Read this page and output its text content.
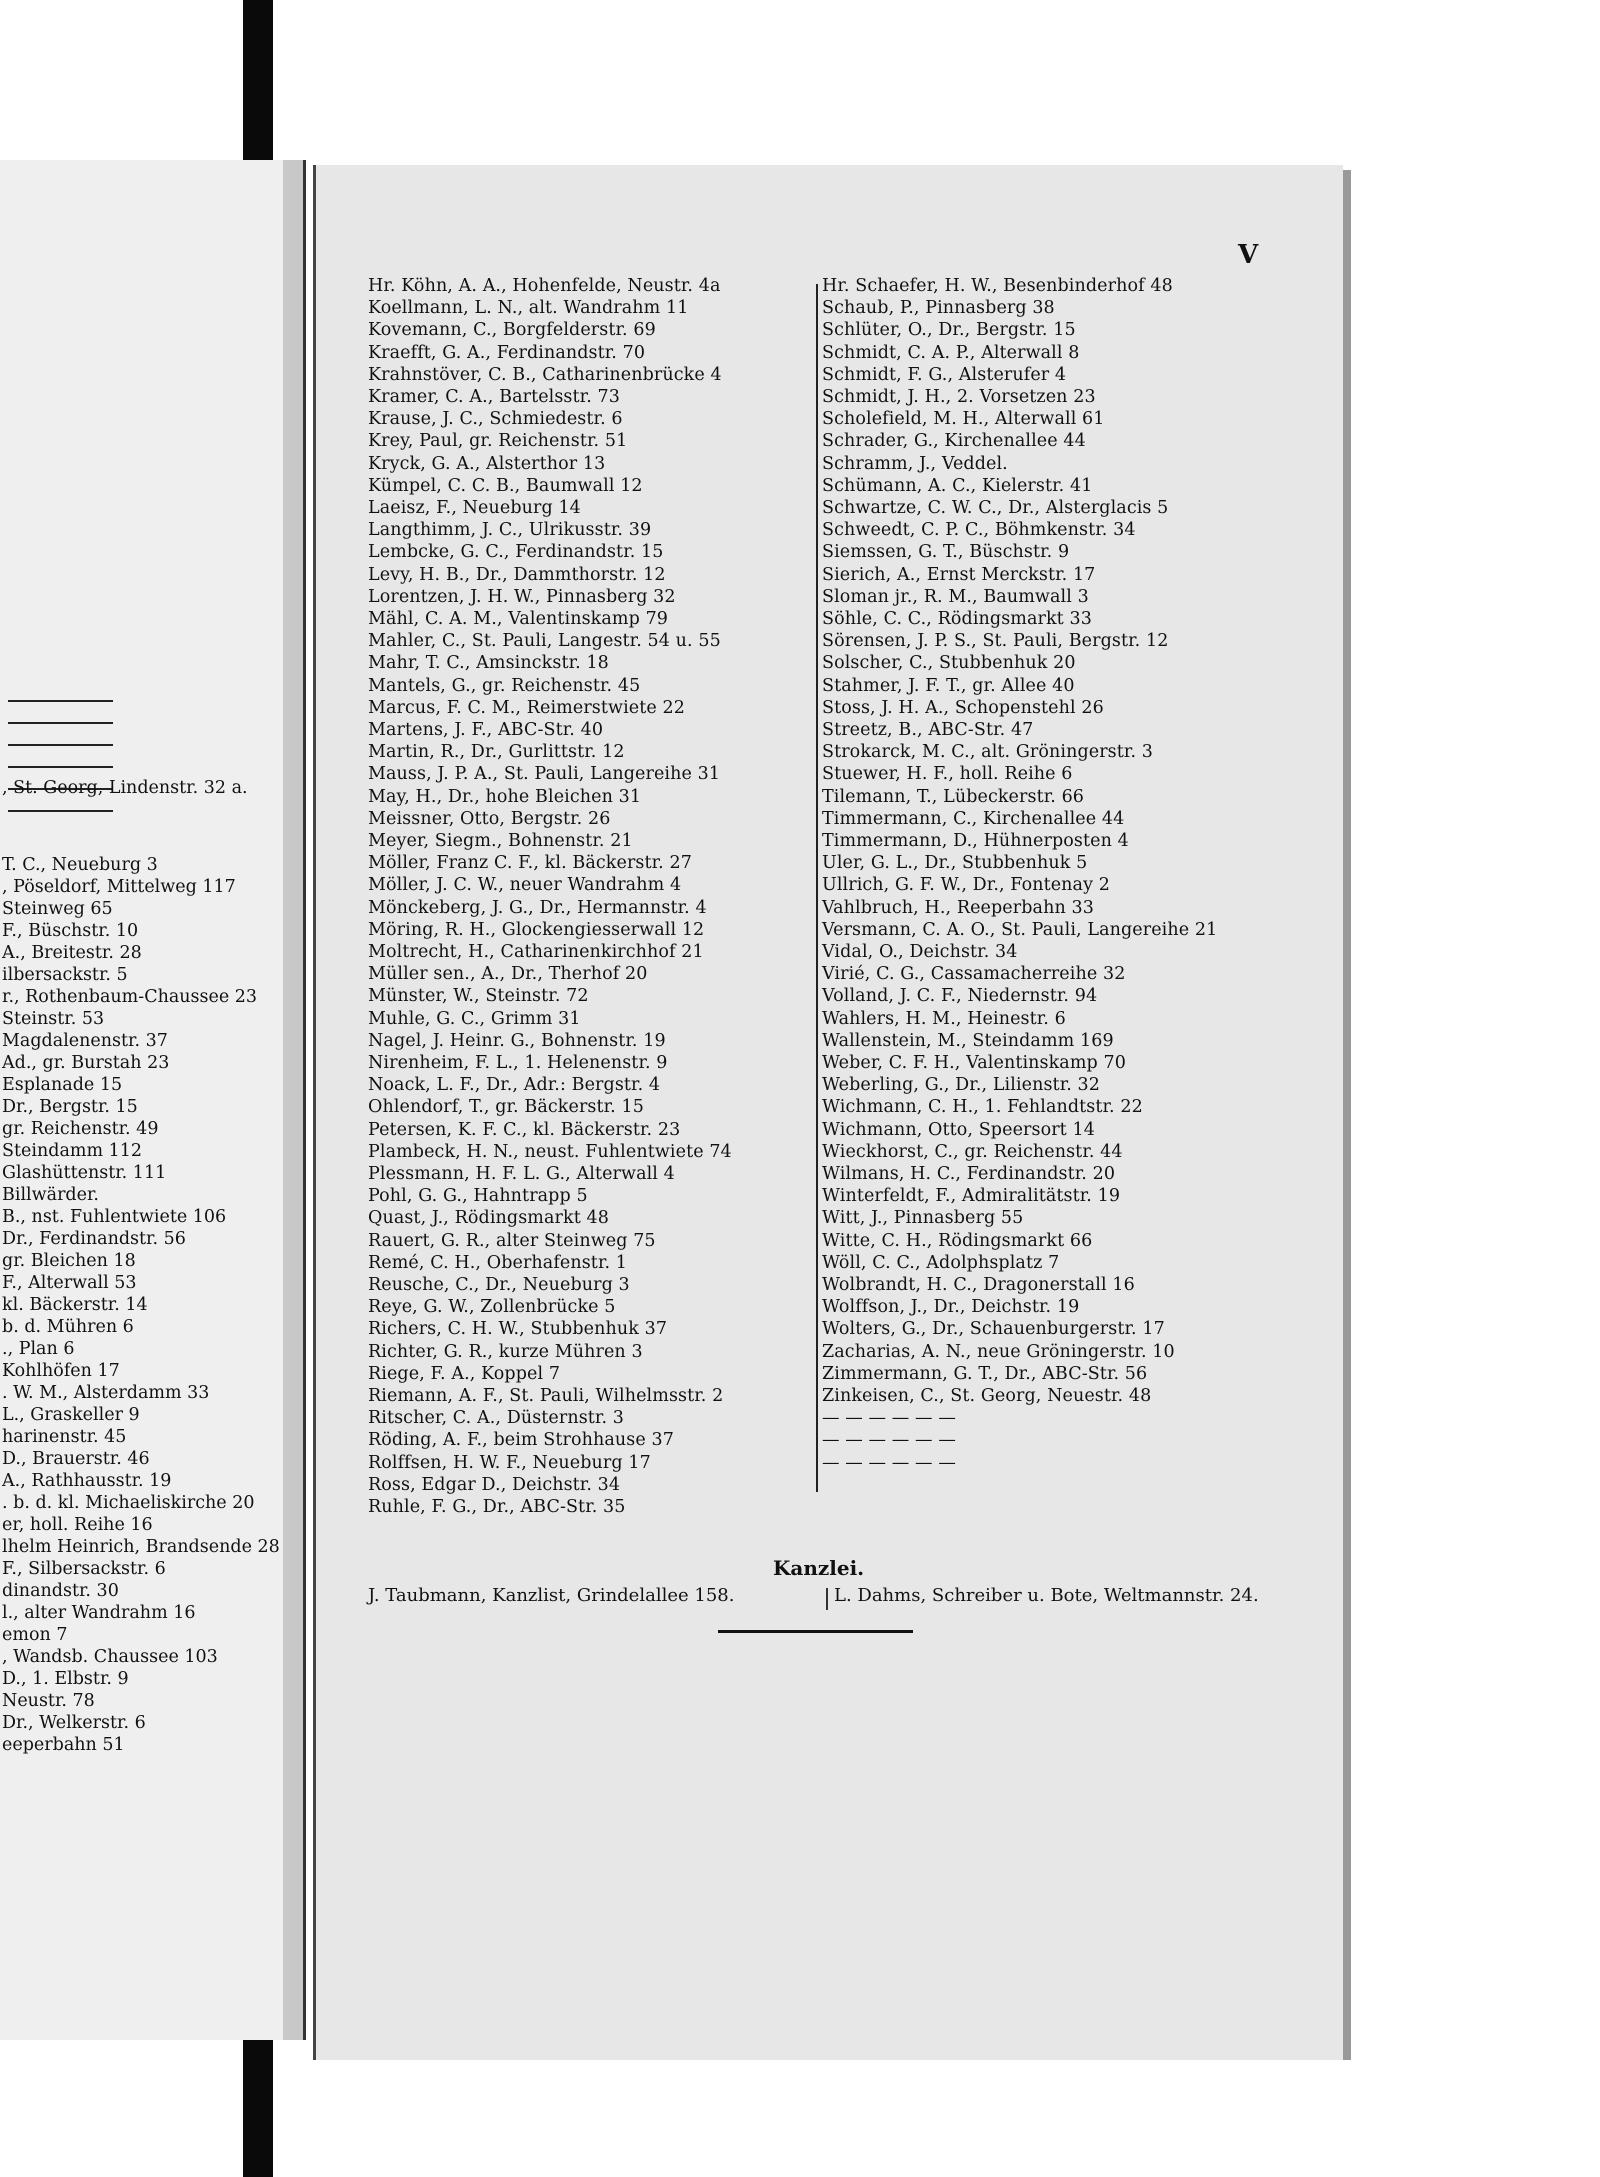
, St. Georg, Lindenstr. 32 a.
T. C., Neueburg 3
, Pöseldorf, Mittelweg 117
Steinweg 65
F., Büschstr. 10
A., Breitestr. 28
ilbersackstr. 5
r., Rothenbaum-Chaussee 23
Steinstr. 53
Magdalenenstr. 37
Ad., gr. Burstah 23
Esplanade 15
Dr., Bergstr. 15
gr. Reichenstr. 49
Steindamm 112
Glashüttenstr. 111
Billwärder.
B., nst. Fuhlentwiete 106
Dr., Ferdinandstr. 56
gr. Bleichen 18
F., Alterwall 53
kl. Bäckerstr. 14
b. d. Mühren 6
., Plan 6
Kohlhöfen 17
. W. M., Alsterdamm 33
L., Graskeller 9
harinenstr. 45
D., Brauerstr. 46
A., Rathhausstr. 19
. b. d. kl. Michaeliskirche 20
er, holl. Reihe 16
lhelm Heinrich, Brandsende 28
F., Silbersackstr. 6
dinandstr. 30
l., alter Wandrahm 16
emon 7
, Wandsb. Chaussee 103
D., 1. Elbstr. 9
Neustr. 78
Dr., Welkerstr. 6
eeperbahn 51
V
Hr. Köhn, A. A., Hohenfelde, Neustr. 4a
Koellmann, L. N., alt. Wandrahm 11
Kovemann, C., Borgfelderstr. 69
Kraefft, G. A., Ferdinandstr. 70
Krahnstöver, C. B., Catharinenbrücke 4
Kramer, C. A., Bartelsstr. 73
Krause, J. C., Schmiedestr. 6
Krey, Paul, gr. Reichenstr. 51
Kryck, G. A., Alsterthor 13
Kümpel, C. C. B., Baumwall 12
Laeisz, F., Neueburg 14
Langthimm, J. C., Ulrikusstr. 39
Lembcke, G. C., Ferdinandstr. 15
Levy, H. B., Dr., Dammthorstr. 12
Lorentzen, J. H. W., Pinnasberg 32
Mähl, C. A. M., Valentinskamp 79
Mahler, C., St. Pauli, Langestr. 54 u. 55
Mahr, T. C., Amsinckstr. 18
Mantels, G., gr. Reichenstr. 45
Marcus, F. C. M., Reimerstwiete 22
Martens, J. F., ABC-Str. 40
Martin, R., Dr., Gurlittstr. 12
Mauss, J. P. A., St. Pauli, Langereihe 31
May, H., Dr., hohe Bleichen 31
Meissner, Otto, Bergstr. 26
Meyer, Siegm., Bohnenstr. 21
Möller, Franz C. F., kl. Bäckerstr. 27
Möller, J. C. W., neuer Wandrahm 4
Mönckeberg, J. G., Dr., Hermannstr. 4
Möring, R. H., Glockengiesserwall 12
Moltrecht, H., Catharinenkirchhof 21
Müller sen., A., Dr., Therhof 20
Münster, W., Steinstr. 72
Muhle, G. C., Grimm 31
Nagel, J. Heinr. G., Bohnenstr. 19
Nirenheim, F. L., 1. Helenenstr. 9
Noack, L. F., Dr., Adr.: Bergstr. 4
Ohlendorf, T., gr. Bäckerstr. 15
Petersen, K. F. C., kl. Bäckerstr. 23
Plambeck, H. N., neust. Fuhlentwiete 74
Plessmann, H. F. L. G., Alterwall 4
Pohl, G. G., Hahntrapp 5
Quast, J., Rödingsmarkt 48
Rauert, G. R., alter Steinweg 75
Remé, C. H., Oberhafenstr. 1
Reusche, C., Dr., Neueburg 3
Reye, G. W., Zollenbrücke 5
Richers, C. H. W., Stubbenhuk 37
Richter, G. R., kurze Mühren 3
Riege, F. A., Koppel 7
Riemann, A. F., St. Pauli, Wilhelmsstr. 2
Ritscher, C. A., Düsternstr. 3
Röding, A. F., beim Strohhause 37
Rolffsen, H. W. F., Neueburg 17
Ross, Edgar D., Deichstr. 34
Ruhle, F. G., Dr., ABC-Str. 35
Hr. Schaefer, H. W., Besenbinderhof 48
Schaub, P., Pinnasberg 38
Schlüter, O., Dr., Bergstr. 15
Schmidt, C. A. P., Alterwall 8
Schmidt, F. G., Alsterufer 4
Schmidt, J. H., 2. Vorsetzen 23
Scholefield, M. H., Alterwall 61
Schrader, G., Kirchenallee 44
Schramm, J., Veddel.
Schümann, A. C., Kielerstr. 41
Schwartze, C. W. C., Dr., Alsterglacis 5
Schweedt, C. P. C., Böhmkenstr. 34
Siemssen, G. T., Büschstr. 9
Sierich, A., Ernst Merckstr. 17
Sloman jr., R. M., Baumwall 3
Söhle, C. C., Rödingsmarkt 33
Sörensen, J. P. S., St. Pauli, Bergstr. 12
Solscher, C., Stubbenhuk 20
Stahmer, J. F. T., gr. Allee 40
Stoss, J. H. A., Schopenstehl 26
Streetz, B., ABC-Str. 47
Strokarck, M. C., alt. Gröningerstr. 3
Stuewer, H. F., holl. Reihe 6
Tilemann, T., Lübeckerstr. 66
Timmermann, C., Kirchenallee 44
Timmermann, D., Hühnerposten 4
Uler, G. L., Dr., Stubbenhuk 5
Ullrich, G. F. W., Dr., Fontenay 2
Vahlbruch, H., Reeperbahn 33
Versmann, C. A. O., St. Pauli, Langereihe 21
Vidal, O., Deichstr. 34
Virié, C. G., Cassamacherreihe 32
Volland, J. C. F., Niedernstr. 94
Wahlers, H. M., Heinestr. 6
Wallenstein, M., Steindamm 169
Weber, C. F. H., Valentinskamp 70
Weberling, G., Dr., Lilienstr. 32
Wichmann, C. H., 1. Fehlandtstr. 22
Wichmann, Otto, Speersort 14
Wieckhorst, C., gr. Reichenstr. 44
Wilmans, H. C., Ferdinandstr. 20
Winterfeldt, F., Admiralitätstr. 19
Witt, J., Pinnasberg 55
Witte, C. H., Rödingsmarkt 66
Wöll, C. C., Adolphsplatz 7
Wolbrandt, H. C., Dragonerstall 16
Wolffson, J., Dr., Deichstr. 19
Wolters, G., Dr., Schauenburgerstr. 17
Zacharias, A. N., neue Gröningerstr. 10
Zimmermann, G. T., Dr., ABC-Str. 56
Zinkeisen, C., St. Georg, Neuestr. 48
— — — — — —
— — — — — —
— — — — — —
Kanzlei.
J. Taubmann, Kanzlist, Grindelallee 158.	L. Dahms, Schreiber u. Bote, Weltmannstr. 24.
